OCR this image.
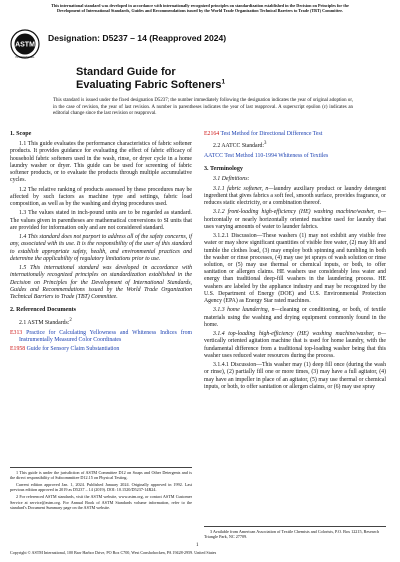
This international standard was developed in accordance with internationally recognized principles on standardization established in the Decision on Principles for the
Development of International Standards, Guides and Recommendations issued by the World Trade Organization Technical Barriers to Trade (TBT) Committee.
ASTM
INTERNATIONAL
Designation: D5237 – 14 (Reapproved 2024)
Standard Guide for
Evaluating Fabric Softeners$^1$
This standard is issued under the fixed designation D5237; the number immediately following the designation indicates the year of original adoption or, in the case of revision, the year of last revision. A number in parentheses indicates the year of last reapproval. A superscript epsilon (ε) indicates an editorial change since the last revision or reapproval.
1. Scope

1.1 This guide evaluates the performance characteristics of fabric softener products. It provides guidance for evaluating the effect of fabric efficacy of household fabric softeners used in the wash, rinse, or dryer cycle in a home laundry washer or dryer. This guide can be used for screening of fabric softener products, or to evaluate the products through multiple accumulative cycles.

1.2 The relative ranking of products assessed by these procedures may be affected by such factors as machine type and settings, fabric load composition, as well as by the washing and drying procedures used.

1.3 The values stated in inch-pound units are to be regarded as standard. The values given in parentheses are mathematical conversions to SI units that are provided for information only and are not considered standard.

1.4 This standard does not purport to address all of the safety concerns, if any, associated with its use. It is the responsibility of the user of this standard to establish appropriate safety, health, and environmental practices and determine the applicability of regulatory limitations prior to use.

1.5 This international standard was developed in accordance with internationally recognized principles on standardization established in the Decision on Principles for the Development of International Standards, Guides and Recommendations issued by the World Trade Organization Technical Barriers to Trade (TBT) Committee.

2. Referenced Documents

2.1 ASTM Standards:$^2$

E313 Practice for Calculating Yellowness and Whiteness Indices from Instrumentally Measured Color Coordinates

E1958 Guide for Sensory Claim Substantiation

1 This guide is under the jurisdiction of ASTM Committee D12 on Soaps and Other Detergents and is the direct responsibility of Subcommittee D12.15 on Physical Testing.

Current edition approved Jan. 1, 2024. Published January 2024. Originally approved in 1992. Last previous edition approved in 2019 as D5237 – 14 (2019). DOI: 10.1520/D5237-14R24.

2 For referenced ASTM standards, visit the ASTM website, www.astm.org, or contact ASTM Customer Service at service@astm.org. For Annual Book of ASTM Standards volume information, refer to the standard's Document Summary page on the ASTM website.

E2164 Test Method for Directional Difference Test

2.2 AATCC Standard:$^3$

AATCC Test Method 110-1994 Whiteness of Textiles

3. Terminology

3.1 Definitions:

3.1.1 fabric softener, n—laundry auxiliary product or laundry detergent ingredient that gives fabrics a soft feel, smooth surface, provides fragrance, or reduces static electricity, or a combination thereof.

3.1.2 front-loading high-efficiency (HE) washing machine/washer, n—horizontally or nearly horizontally oriented machine used for laundry that uses varying amounts of water to launder fabrics.

3.1.2.1 Discussion—These washers (1) may not exhibit any visible free water or may show significant quantities of visible free water, (2) may lift and tumble the clothes load, (3) may employ both spinning and tumbling in both the washer or rinse processes, (4) may use jet sprays of wash solution or rinse solution, or (5) may use thermal or chemical inputs, or both, to offer sanitation or allergen claims. HE washers use considerably less water and energy than traditional deep-fill washers in the laundering process. HE washers are labeled by the appliance industry and may be recognized by the U.S. Department of Energy (DOE) and U.S. Environmental Protection Agency (EPA) as Energy Star rated machines.

3.1.3 home laundering, n—cleaning or conditioning, or both, of textile materials using the washing and drying equipment commonly found in the home.

3.1.4 top-loading high-efficiency (HE) washing machine/washer, n—vertically oriented agitation machine that is used for home laundry, with the fundamental difference from a traditional top-loading washer being that this washer uses reduced water resources during the process.

3.1.4.1 Discussion—This washer may (1) deep fill once (during the wash or rinse), (2) partially fill one or more times, (3) may have a full agitator, (4) may have an impeller in place of an agitator, (5) may use thermal or chemical inputs, or both, to offer sanitation or allergen claims, or (6) may use spray

3 Available from American Association of Textile Chemists and Colorists, P.O. Box 12215, Research Triangle Park, NC 27709.

1
Copyright © ASTM International, 100 Barr Harbor Drive, PO Box C700, West Conshohocken, PA 19428-2959. United States
